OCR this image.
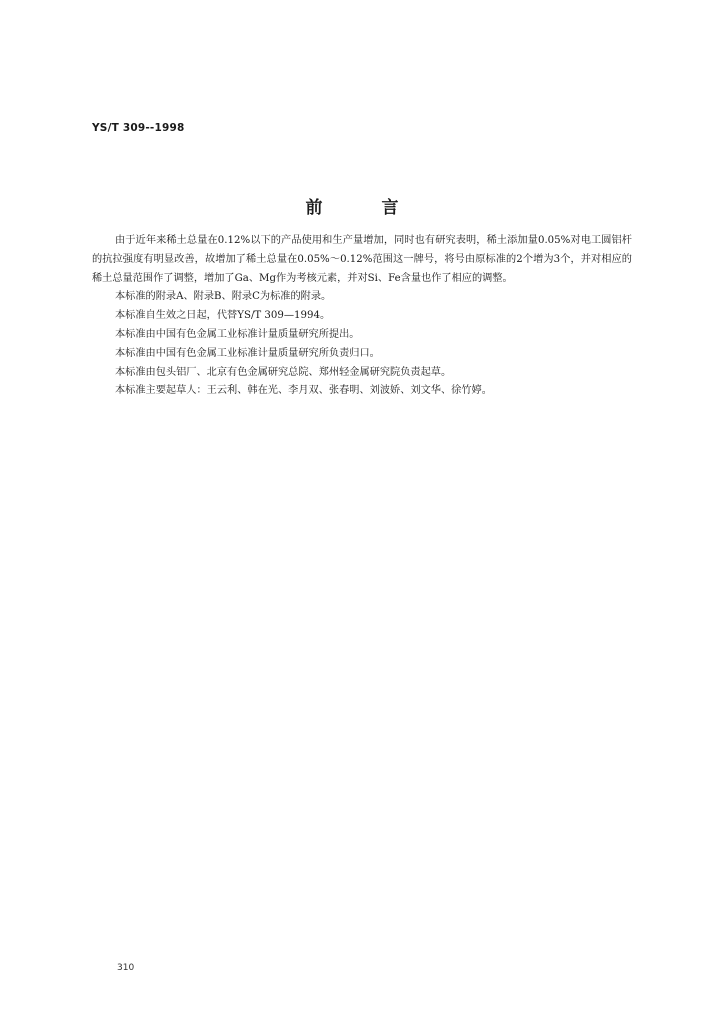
YS/T 309--1998
前	言

由于近年来稀土总量在0.12%以下的产品使用和生产量增加，同时也有研究表明，稀土添加量0.05%对电工圆铝杆的抗拉强度有明显改善，故增加了稀土总量在0.05%～0.12%范围这一牌号，将号由原标准的2个增为3个，并对相应的稀土总量范围作了调整，增加了Ga、Mg作为考核元素，并对Si、Fe含量也作了相应的调整。

本标准的附录A、附录B、附录C为标准的附录。

本标准自生效之日起，代替YS/T 309—1994。

本标准由中国有色金属工业标准计量质量研究所提出。

本标准由中国有色金属工业标准计量质量研究所负责归口。

本标准由包头铝厂、北京有色金属研究总院、郑州轻金属研究院负责起草。

本标准主要起草人：王云利、韩在光、李月双、张春明、刘波娇、刘文华、徐竹婷。

310
